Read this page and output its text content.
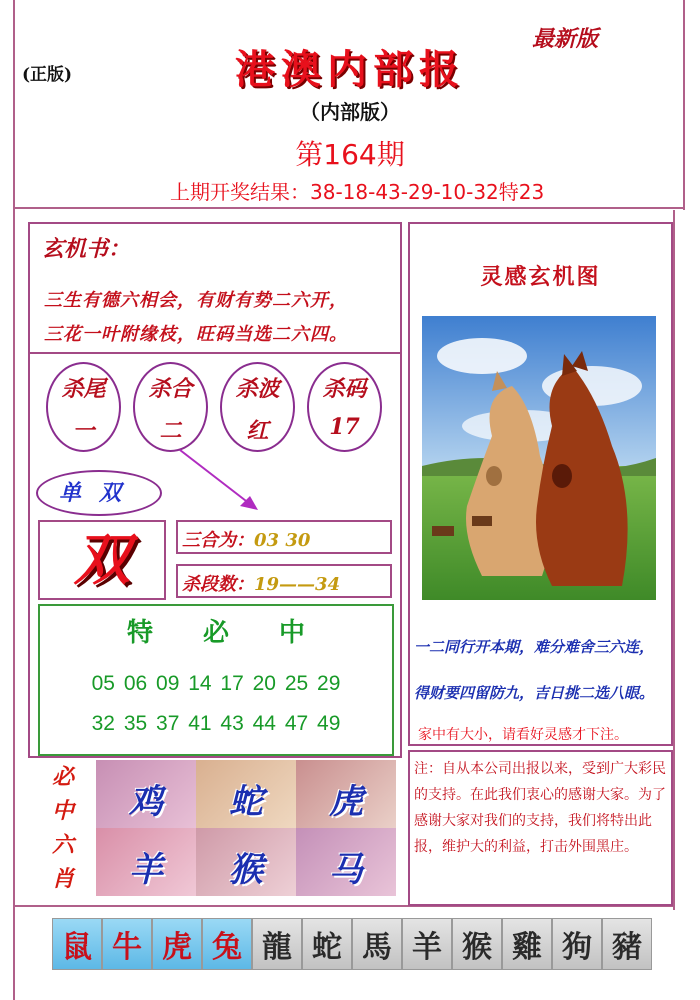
(正版)
最新版
港澳内部报
（内部版）
第164期
上期开奖结果：38-18-43-29-10-32特23
玄机书：
三生有德六相会，有财有势二六开，
三花一叶附缘枝，旺码当选二六四。
杀尾
一
杀合
二
杀波
红
杀码
17
单双
双	三合为：03 30
杀段数：19——34
特必中
05 06 09 14 17 20 25 29
32 35 37 41 43 44 47 49
必中六肖
鸡	蛇	虎
羊	猴	马
灵感玄机图
一二同行开本期，难分难舍三六连，
得财要四留防九，吉日挑二选八眼。
家中有大小，请看好灵感才下注。
注：自从本公司出报以来，受到广大彩民的支持。在此我们衷心的感谢大家。为了感谢大家对我们的支持，我们将特出此报，维护大的利益，打击外围黑庄。
鼠 牛 虎 兔 龍 蛇 馬 羊 猴 雞 狗 豬
